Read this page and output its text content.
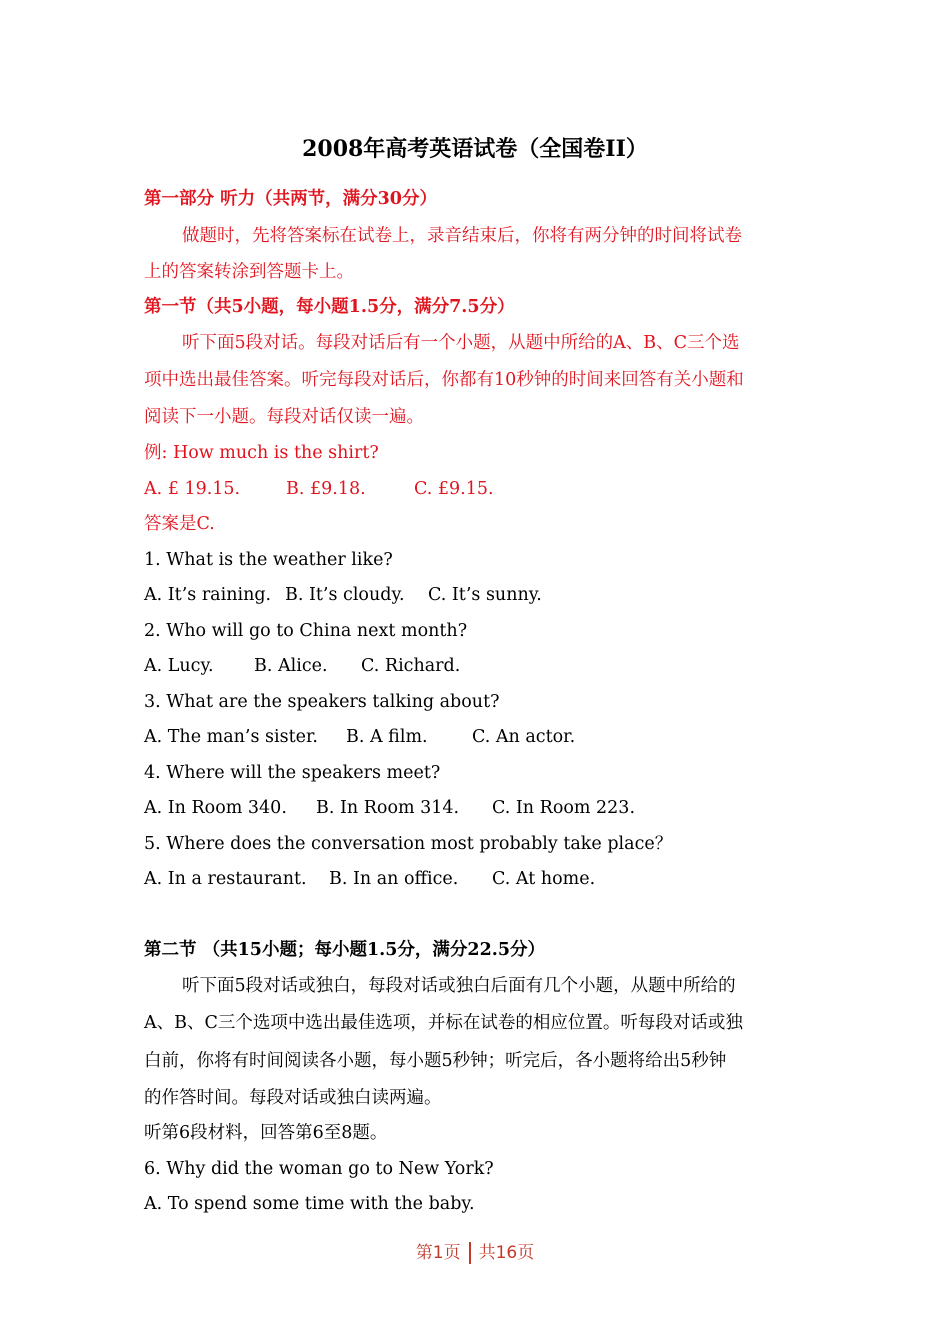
2008年高考英语试卷（全国卷II）
第一部分 听力（共两节，满分30分）
做题时，先将答案标在试卷上，录音结束后，你将有两分钟的时间将试卷
上的答案转涂到答题卡上。
第一节（共5小题，每小题1.5分，满分7.5分）
听下面5段对话。每段对话后有一个小题，从题中所给的A、B、C三个选
项中选出最佳答案。听完每段对话后，你都有10秒钟的时间来回答有关小题和
阅读下一小题。每段对话仅读一遍。
例: How much is the shirt?
A. £ 19.15.	B. £9.18.	C. £9.15.
答案是C.
1. What is the weather like?
A. It’s raining. B. It’s cloudy. C. It’s sunny.
2. Who will go to China next month?
A. Lucy. B. Alice. C. Richard.
3. What are the speakers talking about?
A. The man’s sister. B. A film.	C. An actor.
4. Where will the speakers meet?
A. In Room 340. B. In Room 314. C. In Room 223.
5. Where does the conversation most probably take place？
A. In a restaurant. B. In an office. C. At home.
第二节 （共15小题；每小题1.5分，满分22.5分）
听下面5段对话或独白，每段对话或独白后面有几个小题，从题中所给的
A、B、C三个选项中选出最佳选项，并标在试卷的相应位置。听每段对话或独
白前，你将有时间阅读各小题，每小题5秒钟；听完后，各小题将给出5秒钟
的作答时间。每段对话或独白读两遍。
听第6段材料，回答第6至8题。
6. Why did the woman go to New York?
A. To spend some time with the baby.
第1页 共16页
